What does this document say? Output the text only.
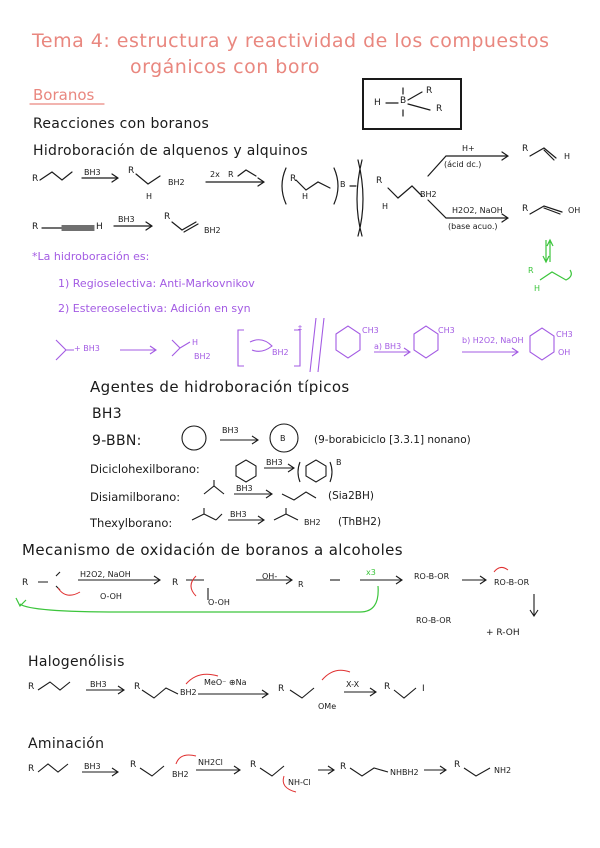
Tema 4: estructura y reactividad de los compuestos
orgánicos con boro
Boranos	H B
R
R
Reacciones con boranos
Hidroboración de alquenos y alquinos
R
BH3	R
BH2
H
2x R	R
H
B
R	H
BH3	R
BH2
R
BH2
H
H+
(ácid dc.)
H2O2, NaOH
(base acuo.)
R
H
R	OH
R
H
*La hidroboración es:
1) Regioselectiva: Anti-Markovnikov
2) Estereoselectiva: Adición en syn
+ BH3
H
BH2	BH2
‡	CH3
a) BH3
CH3
b) H2O2, NaOH
CH3
OH
Agentes de hidroboración típicos
BH3
9-BBN:
BH3
B	(9-borabiciclo [3.3.1] nonano)
Diciclohexilborano:	BH3	B
Disiamilborano:
BH3
(Sia2BH)
Thexylborano:
BH3
BH2 (ThBH2)
Mecanismo de oxidación de boranos a alcoholes
R
H2O2, NaOH
O-OH
R
O-OH
OH-
R
x3	RO-B-OR
RO-B-OR
RO-B-OR
+ R-OH
Halogenólisis
R	BH3	R
BH2
MeO⁻ ⊕Na
R
OMe
X-X	R	I
Aminación
R	BH3	R
BH2
NH2Cl	R
NH-Cl
R
NHBH2
R
NH2
